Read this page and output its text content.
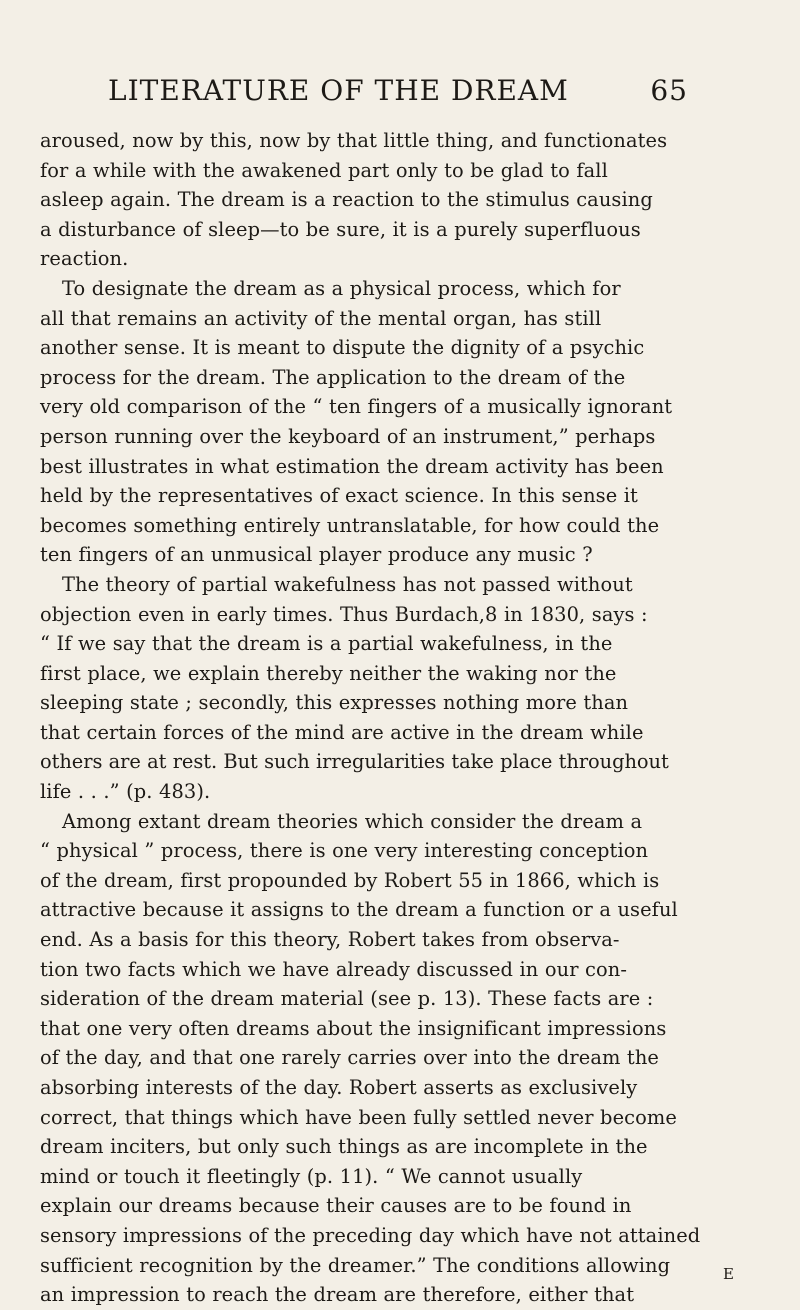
LITERATURE OF THE DREAM	65

aroused, now by this, now by that little thing, and functionates

for a while with the awakened part only to be glad to fall

asleep again. The dream is a reaction to the stimulus causing

a disturbance of sleep—to be sure, it is a purely superfluous

reaction.

To designate the dream as a physical process, which for

all that remains an activity of the mental organ, has still

another sense. It is meant to dispute the dignity of a psychic

process for the dream. The application to the dream of the

very old comparison of the “ ten fingers of a musically ignorant

person running over the keyboard of an instrument,” perhaps

best illustrates in what estimation the dream activity has been

held by the representatives of exact science. In this sense it

becomes something entirely untranslatable, for how could the

ten fingers of an unmusical player produce any music ?

The theory of partial wakefulness has not passed without

objection even in early times. Thus Burdach,8 in 1830, says :

“ If we say that the dream is a partial wakefulness, in the

first place, we explain thereby neither the waking nor the

sleeping state ; secondly, this expresses nothing more than

that certain forces of the mind are active in the dream while

others are at rest. But such irregularities take place throughout

life . . .” (p. 483).

Among extant dream theories which consider the dream a

“ physical ” process, there is one very interesting conception

of the dream, first propounded by Robert 55 in 1866, which is

attractive because it assigns to the dream a function or a useful

end. As a basis for this theory, Robert takes from observa-

tion two facts which we have already discussed in our con-

sideration of the dream material (see p. 13). These facts are :

that one very often dreams about the insignificant impressions

of the day, and that one rarely carries over into the dream the

absorbing interests of the day. Robert asserts as exclusively

correct, that things which have been fully settled never become

dream inciters, but only such things as are incomplete in the

mind or touch it fleetingly (p. 11). “ We cannot usually

explain our dreams because their causes are to be found in

sensory impressions of the preceding day which have not attained

sufficient recognition by the dreamer.” The conditions allowing

an impression to reach the dream are therefore, either that

E
